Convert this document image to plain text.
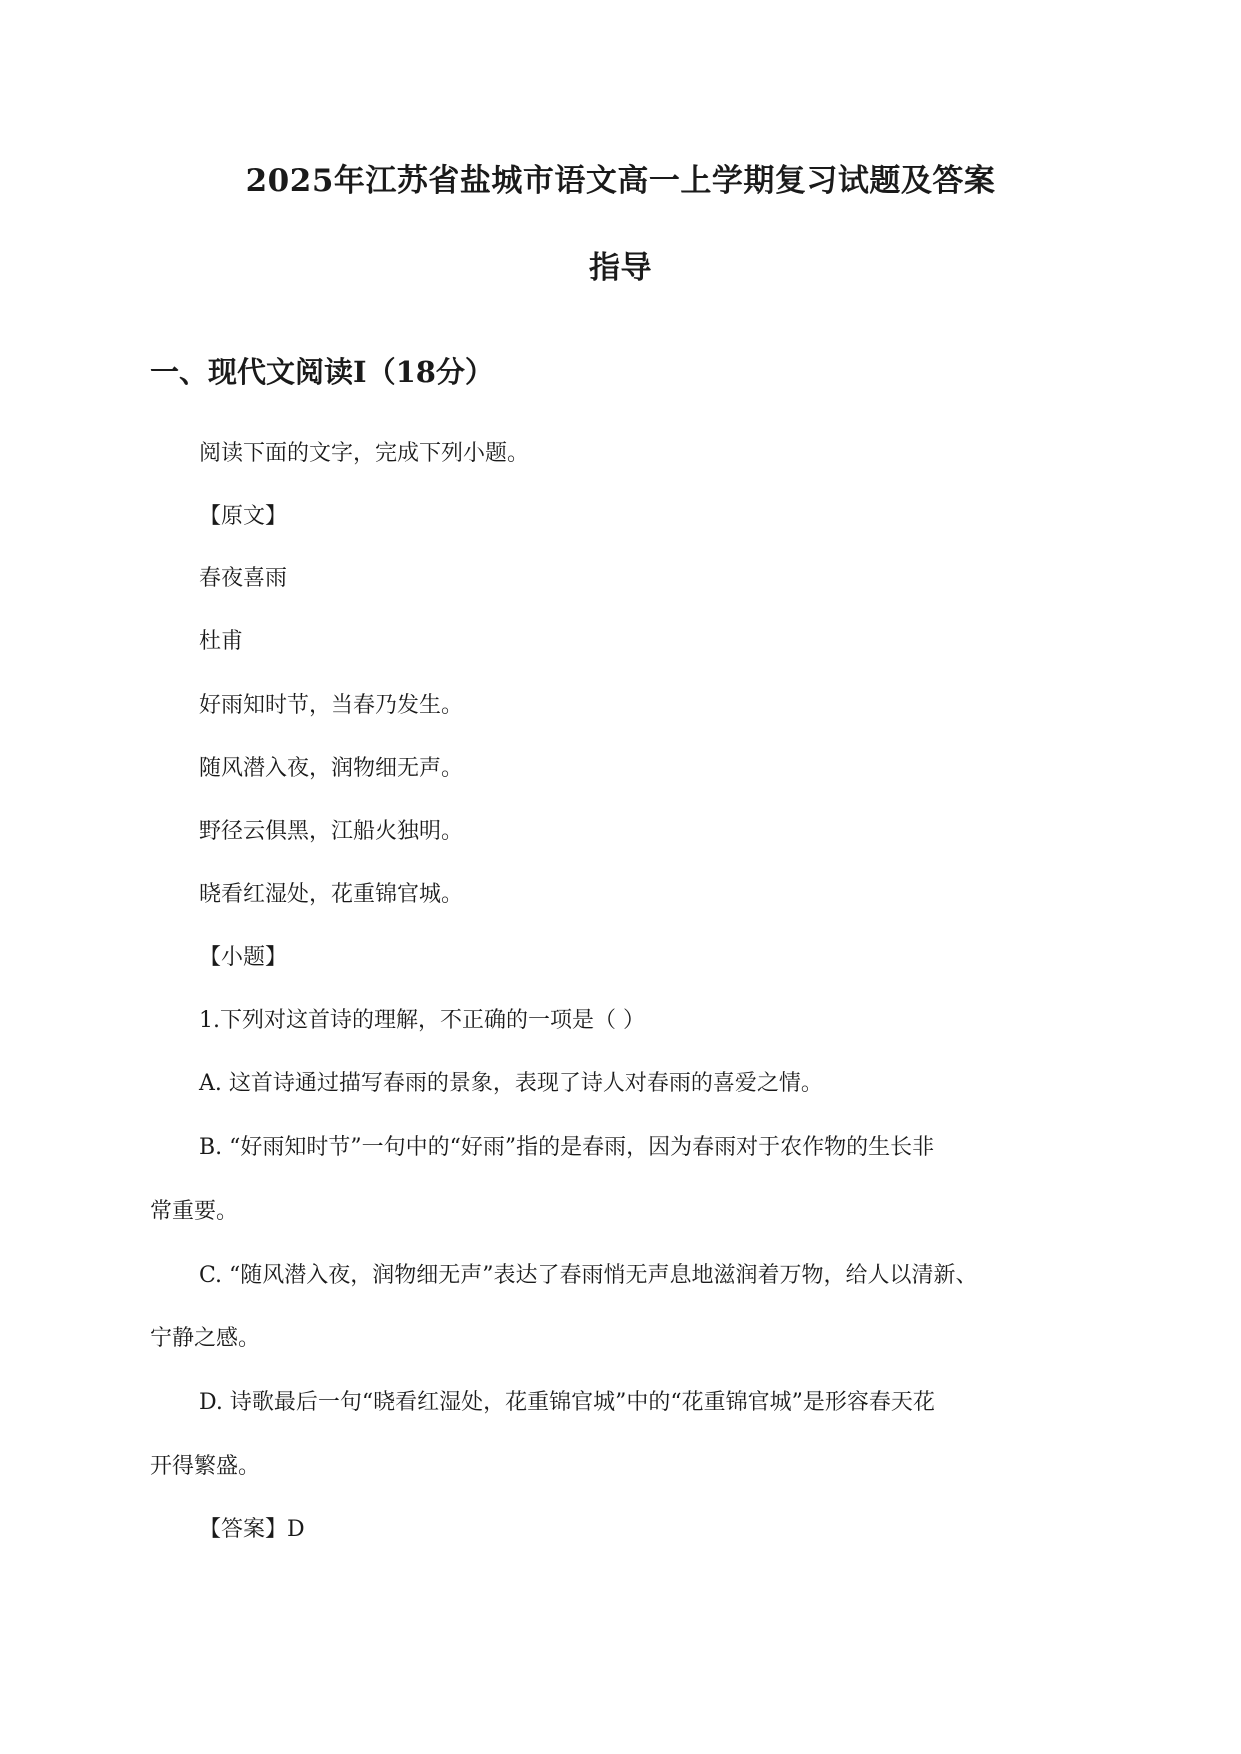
2025年江苏省盐城市语文高一上学期复习试题及答案
指导
一、现代文阅读Ⅰ（18分）

阅读下面的文字，完成下列小题。

【原文】

春夜喜雨

杜甫

好雨知时节，当春乃发生。

随风潜入夜，润物细无声。

野径云俱黑，江船火独明。

晓看红湿处，花重锦官城。

【小题】

1.下列对这首诗的理解，不正确的一项是（ ）

A. 这首诗通过描写春雨的景象，表现了诗人对春雨的喜爱之情。

B. “好雨知时节”一句中的“好雨”指的是春雨，因为春雨对于农作物的生长非

常重要。

C. “随风潜入夜，润物细无声”表达了春雨悄无声息地滋润着万物，给人以清新、

宁静之感。

D. 诗歌最后一句“晓看红湿处，花重锦官城”中的“花重锦官城”是形容春天花

开得繁盛。

【答案】D
